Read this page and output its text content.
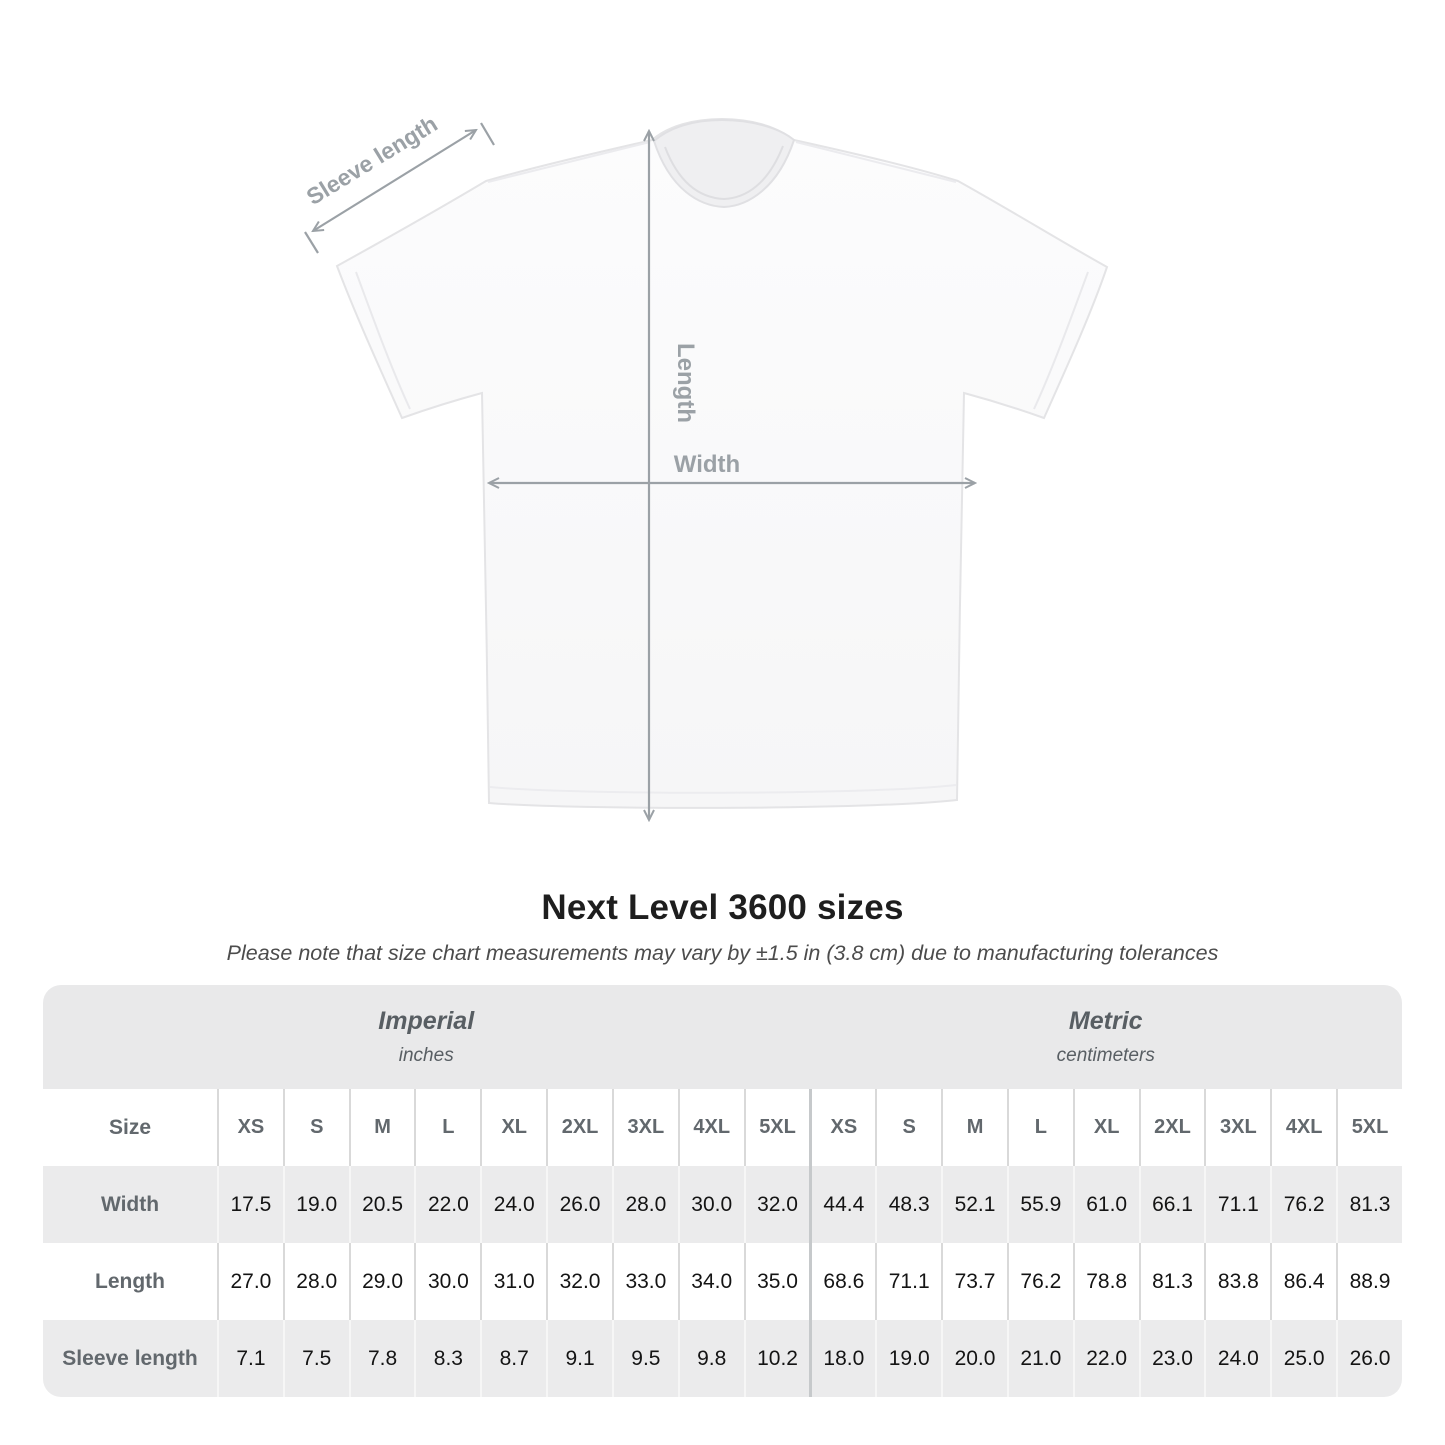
Sleeve length
Length
Width
Next Level 3600 sizes
Please note that size chart measurements may vary by ±1.5 in (3.8 cm) due to manufacturing tolerances
Imperial
inches

Metric
centimeters

Size	XS	S	M	L	XL	2XL	3XL	4XL	5XL	XS	S	M	L	XL	2XL	3XL	4XL	5XL
Width	17.5	19.0	20.5	22.0	24.0	26.0	28.0	30.0	32.0	44.4	48.3	52.1	55.9	61.0	66.1	71.1	76.2	81.3
Length	27.0	28.0	29.0	30.0	31.0	32.0	33.0	34.0	35.0	68.6	71.1	73.7	76.2	78.8	81.3	83.8	86.4	88.9
Sleeve length	7.1	7.5	7.8	8.3	8.7	9.1	9.5	9.8	10.2	18.0	19.0	20.0	21.0	22.0	23.0	24.0	25.0	26.0
